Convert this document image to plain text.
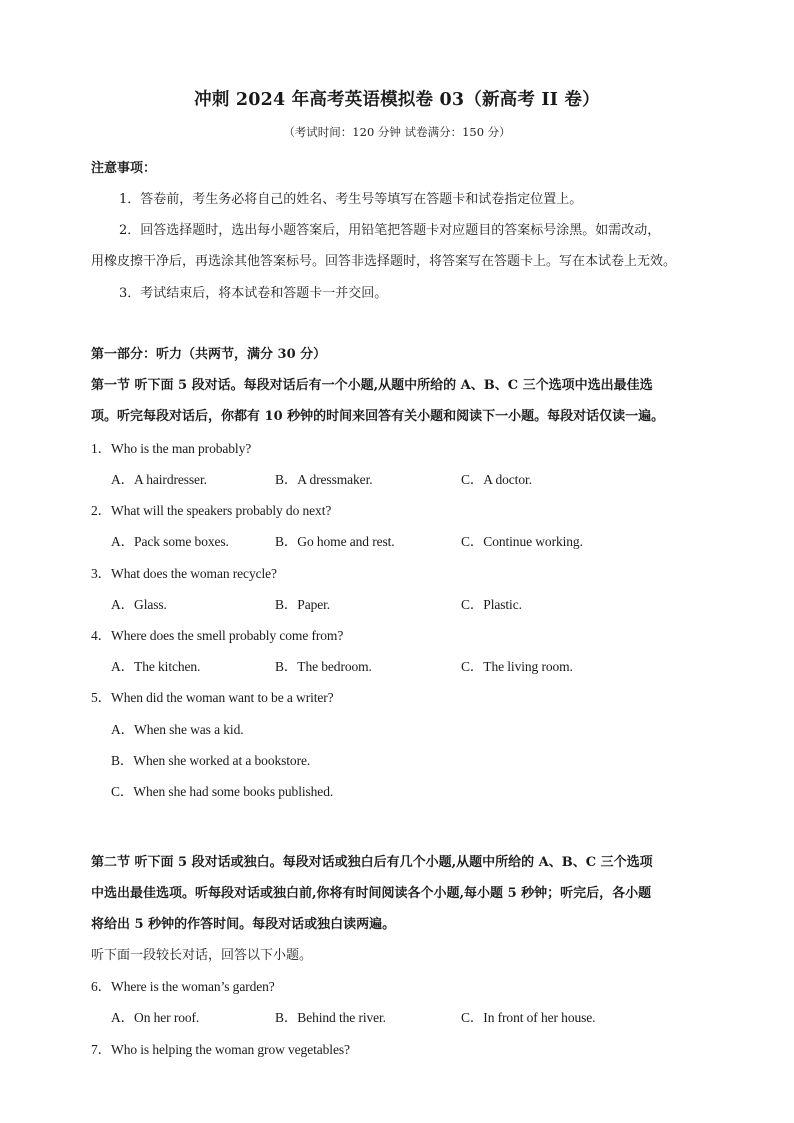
冲刺 2024 年高考英语模拟卷 03（新高考 II 卷）
（考试时间：120 分钟 试卷满分：150 分）
注意事项：
1．答卷前，考生务必将自己的姓名、考生号等填写在答题卡和试卷指定位置上。
2．回答选择题时，选出每小题答案后，用铅笔把答题卡对应题目的答案标号涂黑。如需改动，
用橡皮擦干净后，再选涂其他答案标号。回答非选择题时，将答案写在答题卡上。写在本试卷上无效。
3．考试结束后，将本试卷和答题卡一并交回。
第一部分：听力（共两节，满分 30 分）
第一节 听下面 5 段对话。每段对话后有一个小题,从题中所给的 A、B、C 三个选项中选出最佳选
项。听完每段对话后，你都有 10 秒钟的时间来回答有关小题和阅读下一小题。每段对话仅读一遍。
1．Who is the man probably?
A．A hairdresser.	B．A dressmaker.	C．A doctor.
2．What will the speakers probably do next?
A．Pack some boxes.	B．Go home and rest.	C．Continue working.
3．What does the woman recycle?
A．Glass.	B．Paper.	C．Plastic.
4．Where does the smell probably come from?
A．The kitchen.	B．The bedroom.	C．The living room.
5．When did the woman want to be a writer?
A．When she was a kid.
B．When she worked at a bookstore.
C．When she had some books published.
第二节 听下面 5 段对话或独白。每段对话或独白后有几个小题,从题中所给的 A、B、C 三个选项
中选出最佳选项。听每段对话或独白前,你将有时间阅读各个小题,每小题 5 秒钟；听完后，各小题
将给出 5 秒钟的作答时间。每段对话或独白读两遍。
听下面一段较长对话，回答以下小题。
6．Where is the woman’s garden?
A．On her roof.	B．Behind the river.	C．In front of her house.
7．Who is helping the woman grow vegetables?
